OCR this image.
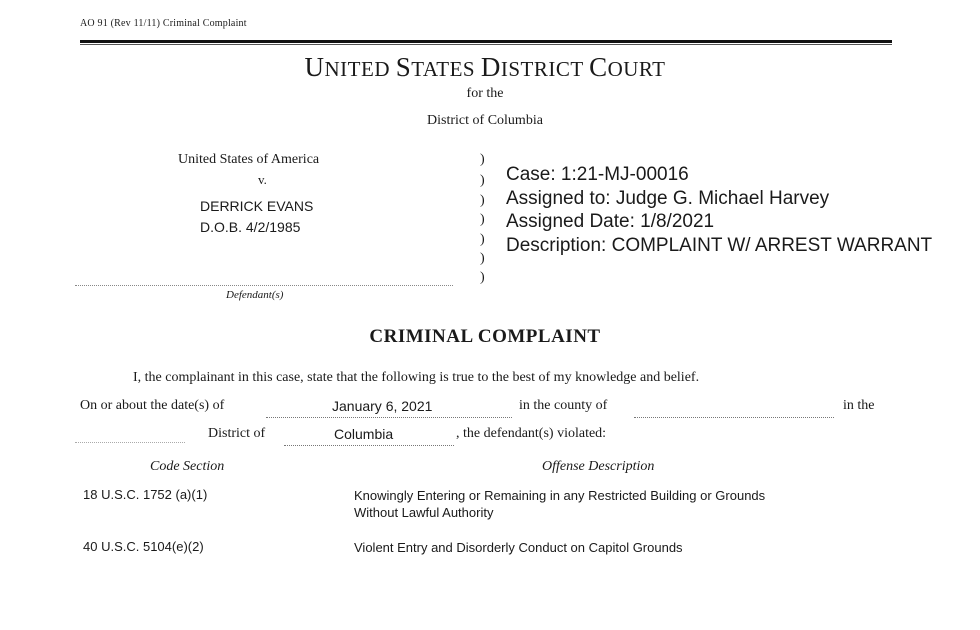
AO 91 (Rev 11/11) Criminal Complaint
UNITED STATES DISTRICT COURT
for the
District of Columbia
United States of America
v.
DERRICK EVANS
D.O.B. 4/2/1985
Defendant(s)
)
)
)
)
)
)
)
Case: 1:21-MJ-00016
Assigned to: Judge G. Michael Harvey
Assigned Date: 1/8/2021
Description: COMPLAINT W/ ARREST WARRANT
CRIMINAL COMPLAINT
I, the complainant in this case, state that the following is true to the best of my knowledge and belief.
On or about the date(s) of	January 6, 2021	in the county of	in the
District of	Columbia	, the defendant(s) violated:
Code Section	Offense Description
18 U.S.C. 1752 (a)(1)	Knowingly Entering or Remaining in any Restricted Building or Grounds
Without Lawful Authority
40 U.S.C. 5104(e)(2)	Violent Entry and Disorderly Conduct on Capitol Grounds
